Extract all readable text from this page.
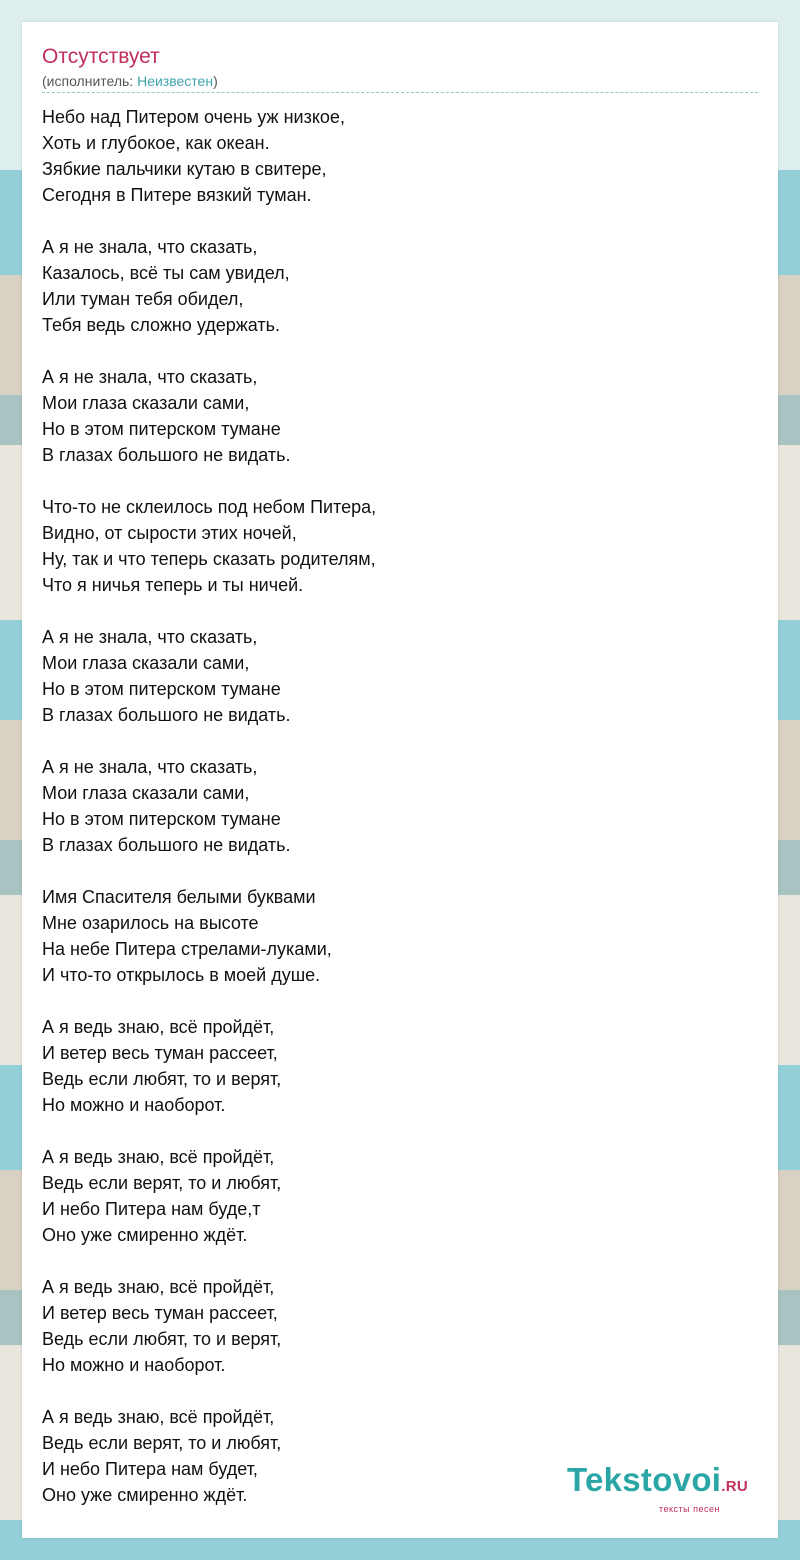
Отсутствует
(исполнитель: Неизвестен)
Небо над Питером очень уж низкое,
Хоть и глубокое, как океан.
Зябкие пальчики кутаю в свитере,
Сегодня в Питере вязкий туман.
А я не знала, что сказать,
Казалось, всё ты сам увидел,
Или туман тебя обидел,
Тебя ведь сложно удержать.
А я не знала, что сказать,
Мои глаза сказали сами,
Но в этом питерском тумане
В глазах большого не видать.
Что-то не склеилось под небом Питера,
Видно, от сырости этих ночей,
Ну, так и что теперь сказать родителям,
Что я ничья теперь и ты ничей.
А я не знала, что сказать,
Мои глаза сказали сами,
Но в этом питерском тумане
В глазах большого не видать.
А я не знала, что сказать,
Мои глаза сказали сами,
Но в этом питерском тумане
В глазах большого не видать.
Имя Спасителя белыми буквами
Мне озарилось на высоте
На небе Питера стрелами-луками,
И что-то открылось в моей душе.
А я ведь знаю, всё пройдёт,
И ветер весь туман рассеет,
Ведь если любят, то и верят,
Но можно и наоборот.
А я ведь знаю, всё пройдёт,
Ведь если верят, то и любят,
И небо Питера нам буде,т
Оно уже смиренно ждёт.
А я ведь знаю, всё пройдёт,
И ветер весь туман рассеет,
Ведь если любят, то и верят,
Но можно и наоборот.
А я ведь знаю, всё пройдёт,
Ведь если верят, то и любят,
И небо Питера нам будет,
Оно уже смиренно ждёт.	Tekstovoi.RU
тексты песен
